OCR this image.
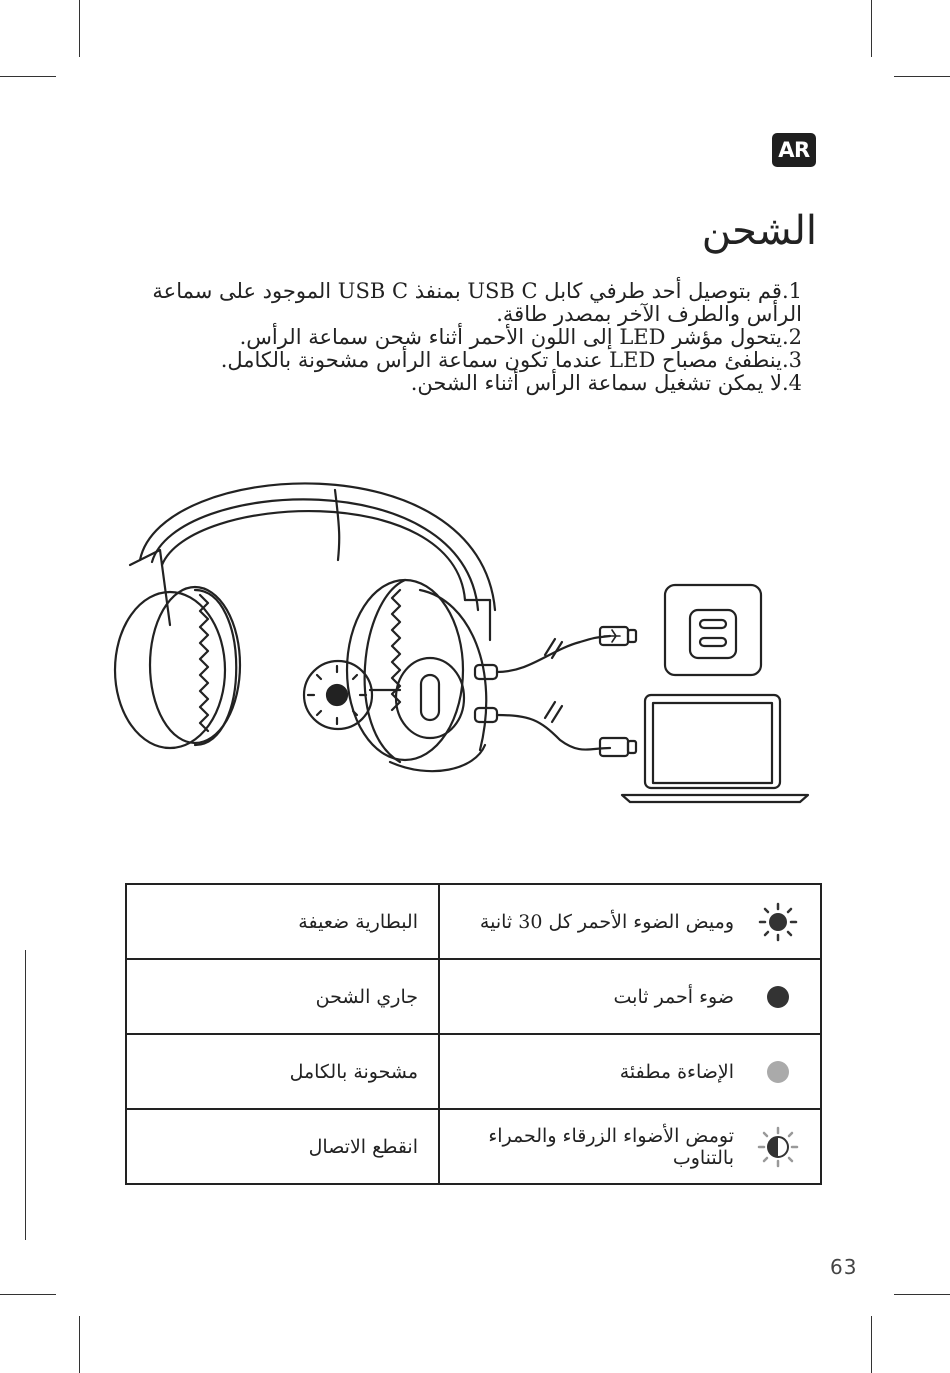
AR
الشحن
1.قم بتوصيل أحد طرفي كابل USB C بمنفذ USB C الموجود على سماعة الرأس والطرف الآخر بمصدر طاقة.
2.يتحول مؤشر LED إلى اللون الأحمر أثناء شحن سماعة الرأس.
3.ينطفئ مصباح LED عندما تكون سماعة الرأس مشحونة بالكامل.
4.لا يمكن تشغيل سماعة الرأس أثناء الشحن.
وميض الضوء الأحمر كل 30 ثانية	البطارية ضعيفة

ضوء أحمر ثابت	جاري الشحن

الإضاءة مطفئة	مشحونة بالكامل

تومض الأضواء الزرقاء والحمراء بالتناوب	انقطع الاتصال
63
